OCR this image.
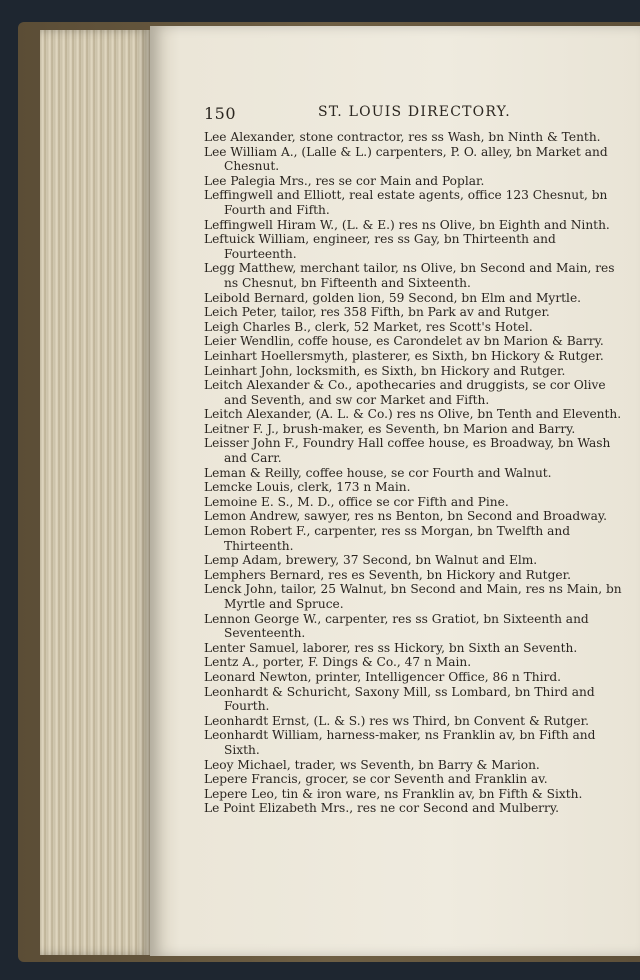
150	ST. LOUIS DIRECTORY.

Lee Alexander, stone contractor, res ss Wash, bn Ninth & Tenth.

Lee William A., (Lalle & L.) carpenters, P. O. alley, bn Market and Chesnut.

Lee Palegia Mrs., res se cor Main and Poplar.

Leffingwell and Elliott, real estate agents, office 123 Chesnut, bn Fourth and Fifth.

Leffingwell Hiram W., (L. & E.) res ns Olive, bn Eighth and Ninth.

Leftuick William, engineer, res ss Gay, bn Thirteenth and Fourteenth.

Legg Matthew, merchant tailor, ns Olive, bn Second and Main, res ns Chesnut, bn Fifteenth and Sixteenth.

Leibold Bernard, golden lion, 59 Second, bn Elm and Myrtle.

Leich Peter, tailor, res 358 Fifth, bn Park av and Rutger.

Leigh Charles B., clerk, 52 Market, res Scott's Hotel.

Leier Wendlin, coffe house, es Carondelet av bn Marion & Barry.

Leinhart Hoellersmyth, plasterer, es Sixth, bn Hickory & Rutger.

Leinhart John, locksmith, es Sixth, bn Hickory and Rutger.

Leitch Alexander & Co., apothecaries and druggists, se cor Olive and Seventh, and sw cor Market and Fifth.

Leitch Alexander, (A. L. & Co.) res ns Olive, bn Tenth and Eleventh.

Leitner F. J., brush-maker, es Seventh, bn Marion and Barry.

Leisser John F., Foundry Hall coffee house, es Broadway, bn Wash and Carr.

Leman & Reilly, coffee house, se cor Fourth and Walnut.

Lemcke Louis, clerk, 173 n Main.

Lemoine E. S., M. D., office se cor Fifth and Pine.

Lemon Andrew, sawyer, res ns Benton, bn Second and Broadway.

Lemon Robert F., carpenter, res ss Morgan, bn Twelfth and Thirteenth.

Lemp Adam, brewery, 37 Second, bn Walnut and Elm.

Lemphers Bernard, res es Seventh, bn Hickory and Rutger.

Lenck John, tailor, 25 Walnut, bn Second and Main, res ns Main, bn Myrtle and Spruce.

Lennon George W., carpenter, res ss Gratiot, bn Sixteenth and Seventeenth.

Lenter Samuel, laborer, res ss Hickory, bn Sixth an Seventh.

Lentz A., porter, F. Dings & Co., 47 n Main.

Leonard Newton, printer, Intelligencer Office, 86 n Third.

Leonhardt & Schuricht, Saxony Mill, ss Lombard, bn Third and Fourth.

Leonhardt Ernst, (L. & S.) res ws Third, bn Convent & Rutger.

Leonhardt William, harness-maker, ns Franklin av, bn Fifth and Sixth.

Leoy Michael, trader, ws Seventh, bn Barry & Marion.

Lepere Francis, grocer, se cor Seventh and Franklin av.

Lepere Leo, tin & iron ware, ns Franklin av, bn Fifth & Sixth.

Le Point Elizabeth Mrs., res ne cor Second and Mulberry.
